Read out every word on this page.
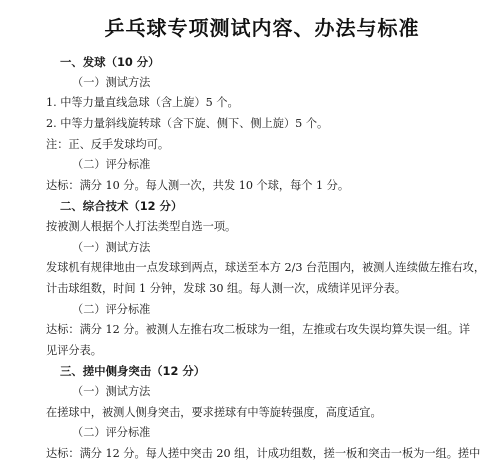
乒乓球专项测试内容、办法与标准
一、发球（10 分）
（一）测试方法
1. 中等力量直线急球（含上旋）5 个。
2. 中等力量斜线旋转球（含下旋、侧下、侧上旋）5 个。
注：正、反手发球均可。
（二）评分标准
达标：满分 10 分。每人测一次，共发 10 个球，每个 1 分。
二、综合技术（12 分）
按被测人根据个人打法类型自选一项。
（一）测试方法
发球机有规律地由一点发球到两点，球送至本方 2/3 台范围内，被测人连续做左推右攻，
计击球组数，时间 1 分钟，发球 30 组。每人测一次，成绩详见评分表。
（二）评分标准
达标：满分 12 分。被测人左推右攻二板球为一组，左推或右攻失误均算失误一组。详
见评分表。
三、搓中侧身突击（12 分）
（一）测试方法
在搓球中，被测人侧身突击，要求搓球有中等旋转强度，高度适宜。
（二）评分标准
达标：满分 12 分。每人搓中突击 20 组，计成功组数，搓一板和突击一板为一组。搓中
